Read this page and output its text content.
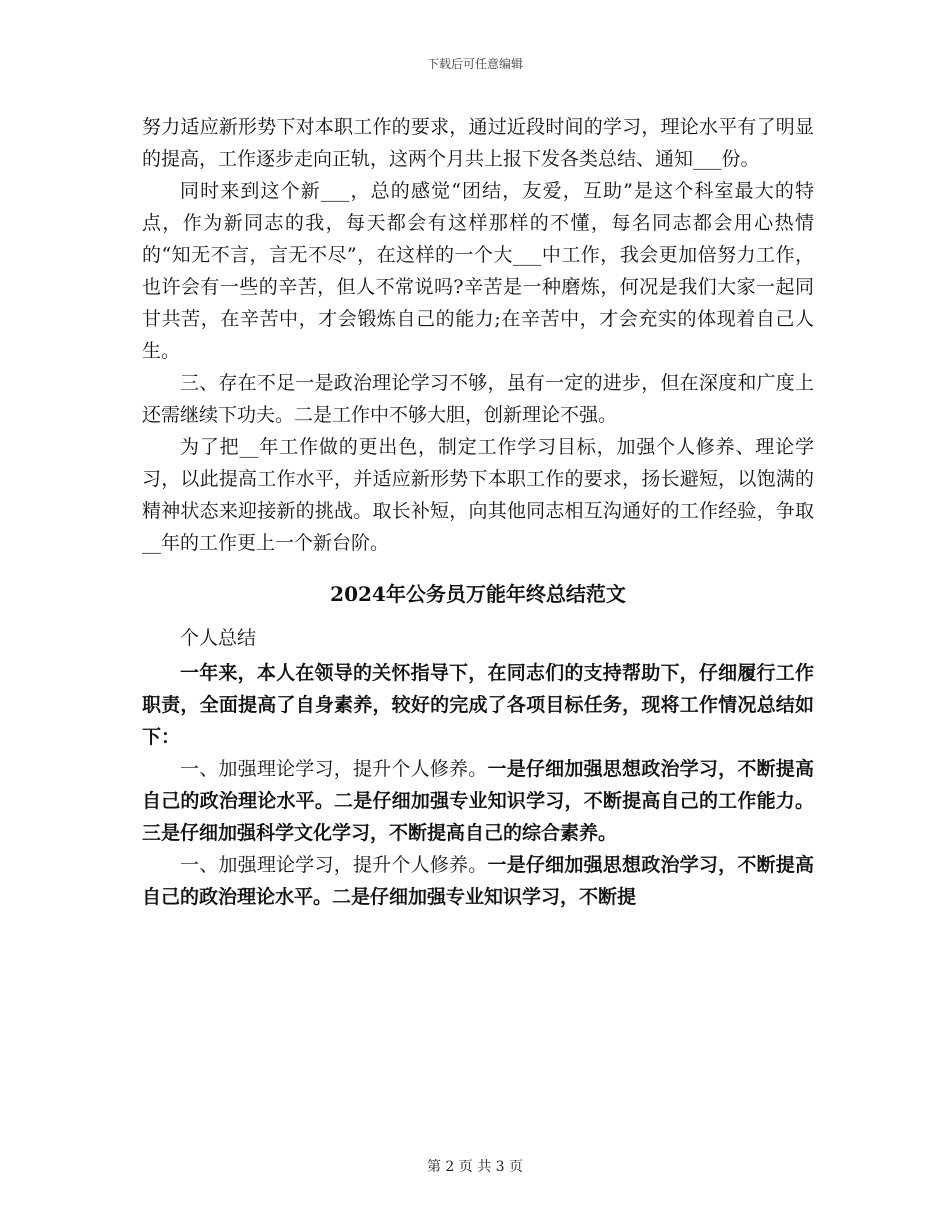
下载后可任意编辑

努力适应新形势下对本职工作的要求，通过近段时间的学习，理论水平有了明显的提高，工作逐步走向正轨，这两个月共上报下发各类总结、通知___份。

同时来到这个新___，总的感觉“团结，友爱，互助”是这个科室最大的特点，作为新同志的我，每天都会有这样那样的不懂，每名同志都会用心热情的“知无不言，言无不尽”，在这样的一个大___中工作，我会更加倍努力工作，也许会有一些的辛苦，但人不常说吗?辛苦是一种磨炼，何况是我们大家一起同甘共苦，在辛苦中，才会锻炼自己的能力;在辛苦中，才会充实的体现着自己人生。

三、存在不足一是政治理论学习不够，虽有一定的进步，但在深度和广度上还需继续下功夫。二是工作中不够大胆，创新理论不强。

为了把__年工作做的更出色，制定工作学习目标，加强个人修养、理论学习，以此提高工作水平，并适应新形势下本职工作的要求，扬长避短，以饱满的精神状态来迎接新的挑战。取长补短，向其他同志相互沟通好的工作经验，争取__年的工作更上一个新台阶。

2024年公务员万能年终总结范文

个人总结

一年来，本人在领导的关怀指导下，在同志们的支持帮助下，仔细履行工作职责，全面提高了自身素养，较好的完成了各项目标任务，现将工作情况总结如下：

一、加强理论学习，提升个人修养。一是仔细加强思想政治学习，不断提高自己的政治理论水平。二是仔细加强专业知识学习，不断提高自己的工作能力。三是仔细加强科学文化学习，不断提高自己的综合素养。

一、加强理论学习，提升个人修养。一是仔细加强思想政治学习，不断提高自己的政治理论水平。二是仔细加强专业知识学习，不断提

第 2 页 共 3 页
